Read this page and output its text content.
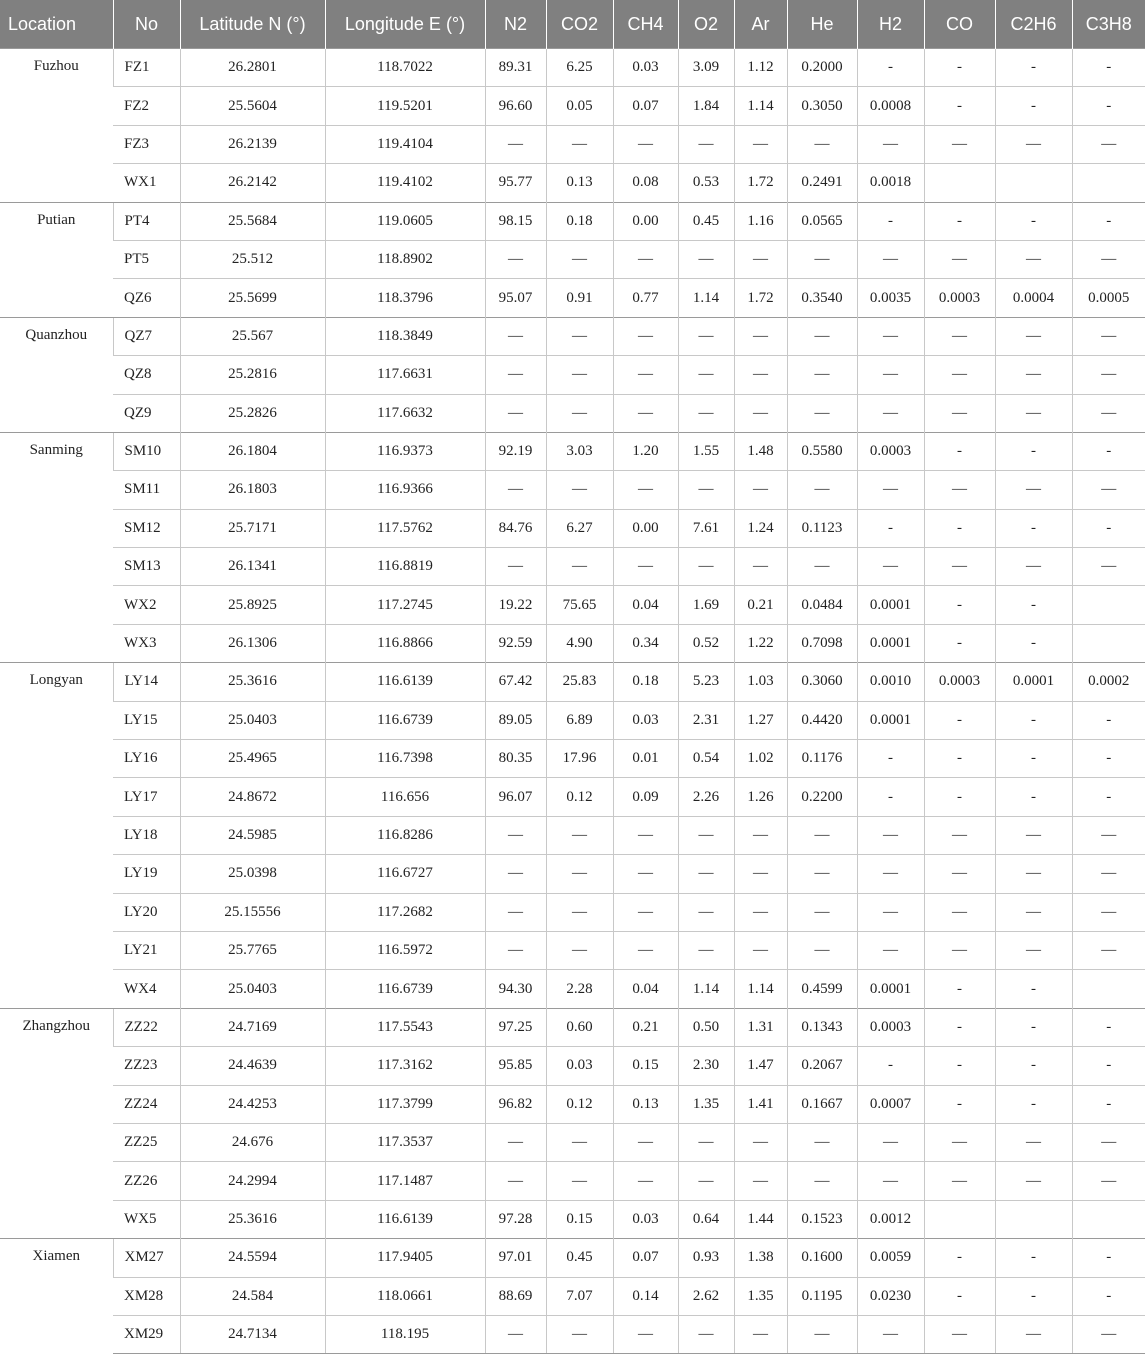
Location	No	Latitude N (°)	Longitude E (°)	N2	CO2	CH4	O2	Ar	He	H2	CO	C2H6	C3H8
Fuzhou	FZ1	26.2801	118.7022	89.31	6.25	0.03	3.09	1.12	0.2000	-	-	-	-
	FZ2	25.5604	119.5201	96.60	0.05	0.07	1.84	1.14	0.3050	0.0008	-	-	-
	FZ3	26.2139	119.4104	—	—	—	—	—	—	—	—	—	—
	WX1	26.2142	119.4102	95.77	0.13	0.08	0.53	1.72	0.2491	0.0018			
Putian	PT4	25.5684	119.0605	98.15	0.18	0.00	0.45	1.16	0.0565	-	-	-	-
	PT5	25.512	118.8902	—	—	—	—	—	—	—	—	—	—
	QZ6	25.5699	118.3796	95.07	0.91	0.77	1.14	1.72	0.3540	0.0035	0.0003	0.0004	0.0005
Quanzhou	QZ7	25.567	118.3849	—	—	—	—	—	—	—	—	—	—
	QZ8	25.2816	117.6631	—	—	—	—	—	—	—	—	—	—
	QZ9	25.2826	117.6632	—	—	—	—	—	—	—	—	—	—
Sanming	SM10	26.1804	116.9373	92.19	3.03	1.20	1.55	1.48	0.5580	0.0003	-	-	-
	SM11	26.1803	116.9366	—	—	—	—	—	—	—	—	—	—
	SM12	25.7171	117.5762	84.76	6.27	0.00	7.61	1.24	0.1123	-	-	-	-
	SM13	26.1341	116.8819	—	—	—	—	—	—	—	—	—	—
	WX2	25.8925	117.2745	19.22	75.65	0.04	1.69	0.21	0.0484	0.0001	-	-	
	WX3	26.1306	116.8866	92.59	4.90	0.34	0.52	1.22	0.7098	0.0001	-	-	
Longyan	LY14	25.3616	116.6139	67.42	25.83	0.18	5.23	1.03	0.3060	0.0010	0.0003	0.0001	0.0002
	LY15	25.0403	116.6739	89.05	6.89	0.03	2.31	1.27	0.4420	0.0001	-	-	-
	LY16	25.4965	116.7398	80.35	17.96	0.01	0.54	1.02	0.1176	-	-	-	-
	LY17	24.8672	116.656	96.07	0.12	0.09	2.26	1.26	0.2200	-	-	-	-
	LY18	24.5985	116.8286	—	—	—	—	—	—	—	—	—	—
	LY19	25.0398	116.6727	—	—	—	—	—	—	—	—	—	—
	LY20	25.15556	117.2682	—	—	—	—	—	—	—	—	—	—
	LY21	25.7765	116.5972	—	—	—	—	—	—	—	—	—	—
	WX4	25.0403	116.6739	94.30	2.28	0.04	1.14	1.14	0.4599	0.0001	-	-	
Zhangzhou	ZZ22	24.7169	117.5543	97.25	0.60	0.21	0.50	1.31	0.1343	0.0003	-	-	-
	ZZ23	24.4639	117.3162	95.85	0.03	0.15	2.30	1.47	0.2067	-	-	-	-
	ZZ24	24.4253	117.3799	96.82	0.12	0.13	1.35	1.41	0.1667	0.0007	-	-	-
	ZZ25	24.676	117.3537	—	—	—	—	—	—	—	—	—	—
	ZZ26	24.2994	117.1487	—	—	—	—	—	—	—	—	—	—
	WX5	25.3616	116.6139	97.28	0.15	0.03	0.64	1.44	0.1523	0.0012			
Xiamen	XM27	24.5594	117.9405	97.01	0.45	0.07	0.93	1.38	0.1600	0.0059	-	-	-
	XM28	24.584	118.0661	88.69	7.07	0.14	2.62	1.35	0.1195	0.0230	-	-	-
	XM29	24.7134	118.195	—	—	—	—	—	—	—	—	—	—
